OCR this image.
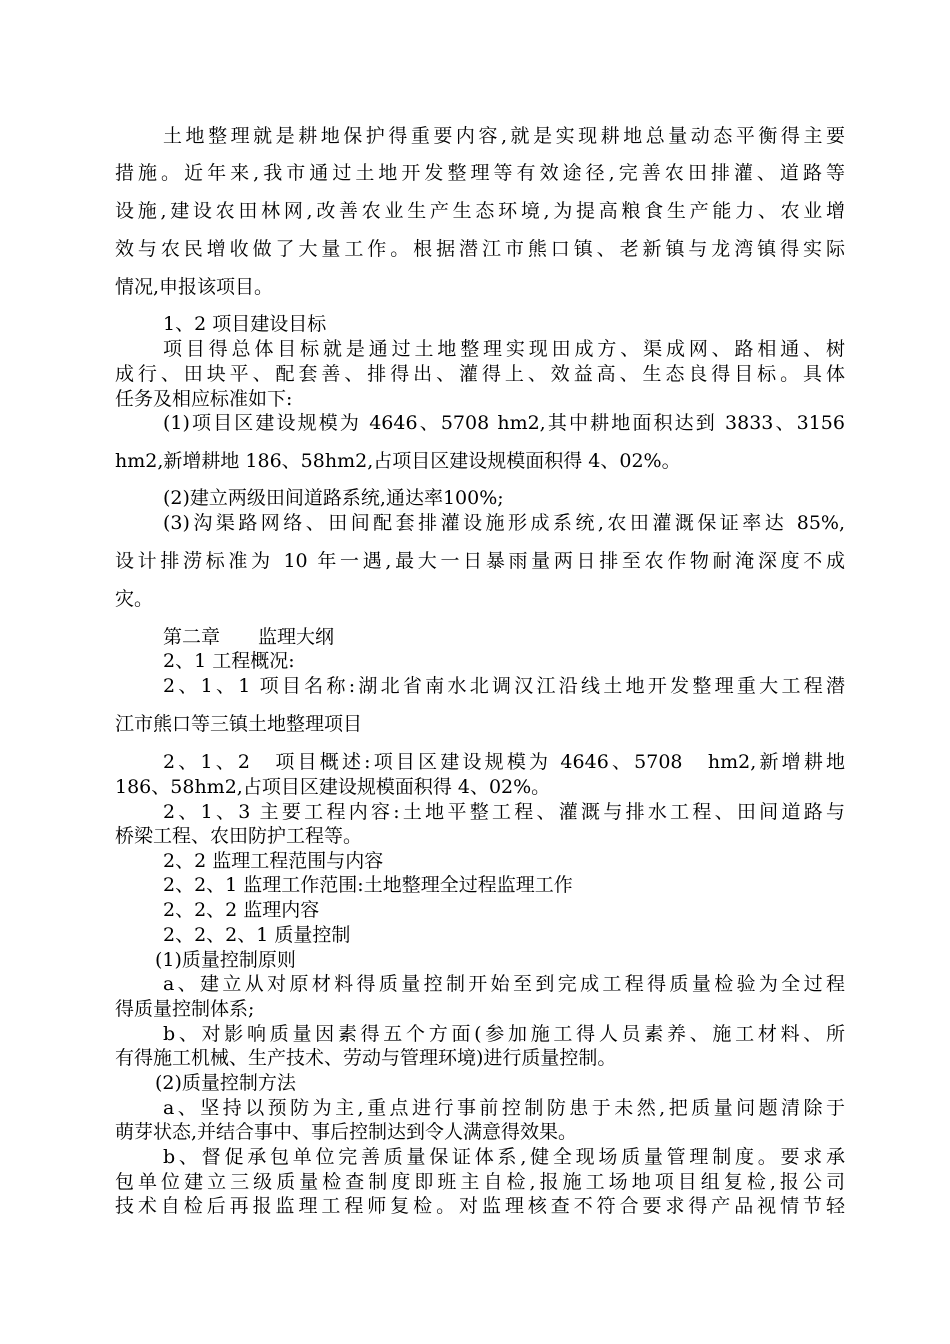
土地整理就是耕地保护得重要内容,就是实现耕地总量动态平衡得主要
措施。近年来,我市通过土地开发整理等有效途径,完善农田排灌、道路等
设施,建设农田林网,改善农业生产生态环境,为提高粮食生产能力、农业增
效与农民增收做了大量工作。根据潜江市熊口镇、老新镇与龙湾镇得实际
情况,申报该项目。
1、2 项目建设目标
项目得总体目标就是通过土地整理实现田成方、渠成网、路相通、树
成行、田块平、配套善、排得出、灌得上、效益高、生态良得目标。具体
任务及相应标准如下:
(1)项目区建设规模为 4646、5708 hm2,其中耕地面积达到 3833、3156
hm2,新增耕地 186、58hm2,占项目区建设规模面积得 4、02%。
(2)建立两级田间道路系统,通达率100%;
(3)沟渠路网络、田间配套排灌设施形成系统,农田灌溉保证率达 85%,
设计排涝标准为 10 年一遇,最大一日暴雨量两日排至农作物耐淹深度不成
灾。
第二章　　监理大纲
2、1 工程概况:
2、1、1 项目名称:湖北省南水北调汉江沿线土地开发整理重大工程潜
江市熊口等三镇土地整理项目
2、1、2　项目概述:项目区建设规模为 4646、5708　hm2,新增耕地
186、58hm2,占项目区建设规模面积得 4、02%。
2、1、3 主要工程内容:土地平整工程、灌溉与排水工程、田间道路与
桥梁工程、农田防护工程等。
2、2 监理工程范围与内容
2、2、1 监理工作范围:土地整理全过程监理工作
2、2、2 监理内容
2、2、2、1 质量控制
(1)质量控制原则
a、建立从对原材料得质量控制开始至到完成工程得质量检验为全过程
得质量控制体系;
b、对影响质量因素得五个方面(参加施工得人员素养、施工材料、所
有得施工机械、生产技术、劳动与管理环境)进行质量控制。
(2)质量控制方法
a、坚持以预防为主,重点进行事前控制防患于未然,把质量问题清除于
萌芽状态,并结合事中、事后控制达到令人满意得效果。
b、督促承包单位完善质量保证体系,健全现场质量管理制度。要求承
包单位建立三级质量检查制度即班主自检,报施工场地项目组复检,报公司
技术自检后再报监理工程师复检。对监理核查不符合要求得产品视情节轻
